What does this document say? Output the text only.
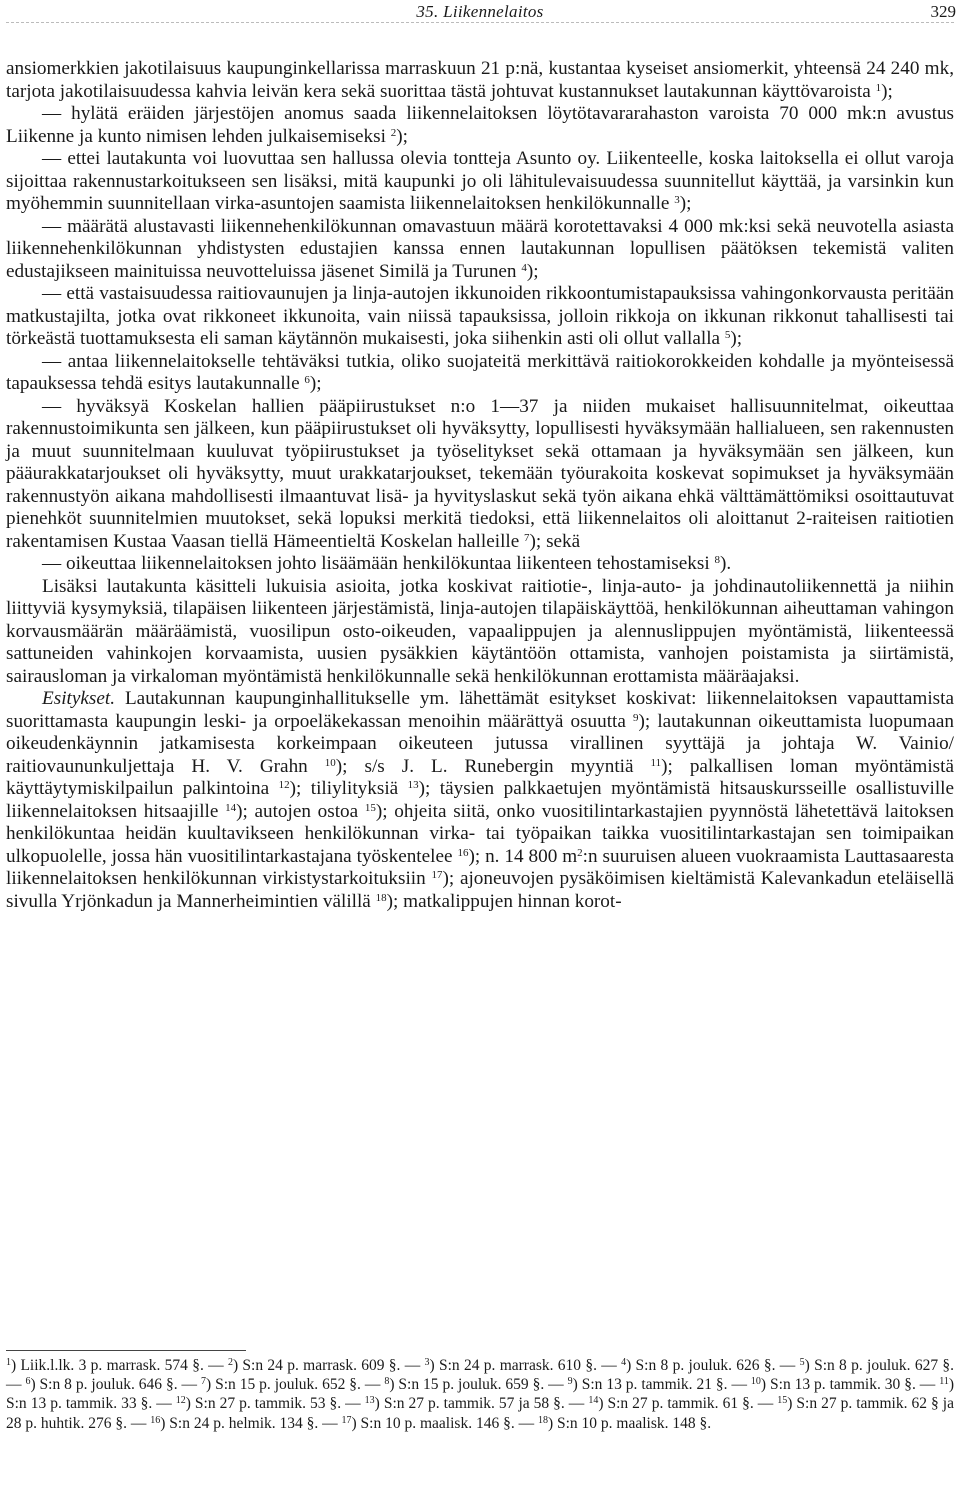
35. Liikennelaitos	329

ansiomerkkien jakotilaisuus kaupunginkellarissa marraskuun 21 p:nä, kustantaa kyseiset ansiomerkit, yhteensä 24 240 mk, tarjota jakotilaisuudessa kahvia leivän kera sekä suorittaa tästä johtuvat kustannukset lautakunnan käyttövaroista $^1$);

— hylätä eräiden järjestöjen anomus saada liikennelaitoksen löytötavararahaston varoista 70 000 mk:n avustus Liikenne ja kunto nimisen lehden julkaisemiseksi $^2$);

— ettei lautakunta voi luovuttaa sen hallussa olevia tontteja Asunto oy. Liikenteelle, koska laitoksella ei ollut varoja sijoittaa rakennustarkoitukseen sen lisäksi, mitä kaupunki jo oli lähitulevaisuudessa suunnitellut käyttää, ja varsinkin kun myöhemmin suunnitellaan virka-asuntojen saamista liikennelaitoksen henkilökunnalle $^3$);

— määrätä alustavasti liikennehenkilökunnan omavastuun määrä korotettavaksi 4 000 mk:ksi sekä neuvotella asiasta liikennehenkilökunnan yhdistysten edustajien kanssa ennen lautakunnan lopullisen päätöksen tekemistä valiten edustajikseen mainituissa neuvotteluissa jäsenet Similä ja Turunen $^4$);

— että vastaisuudessa raitiovaunujen ja linja-autojen ikkunoiden rikkoontumistapauksissa vahingonkorvausta peritään matkustajilta, jotka ovat rikkoneet ikkunoita, vain niissä tapauksissa, jolloin rikkoja on ikkunan rikkonut tahallisesti tai törkeästä tuottamuksesta eli saman käytännön mukaisesti, joka siihenkin asti oli ollut vallalla $^5$);

— antaa liikennelaitokselle tehtäväksi tutkia, oliko suojateitä merkittävä raitiokorokkeiden kohdalle ja myönteisessä tapauksessa tehdä esitys lautakunnalle $^6$);

— hyväksyä Koskelan hallien pääpiirustukset n:o 1—37 ja niiden mukaiset hallisuunnitelmat, oikeuttaa rakennustoimikunta sen jälkeen, kun pääpiirustukset oli hyväksytty, lopullisesti hyväksymään hallialueen, sen rakennusten ja muut suunnitelmaan kuuluvat työpiirustukset ja työselitykset sekä ottamaan ja hyväksymään sen jälkeen, kun pääurakkatarjoukset oli hyväksytty, muut urakkatarjoukset, tekemään työurakoita koskevat sopimukset ja hyväksymään rakennustyön aikana mahdollisesti ilmaantuvat lisä- ja hyvityslaskut sekä työn aikana ehkä välttämättömiksi osoittautuvat pienehköt suunnitelmien muutokset, sekä lopuksi merkitä tiedoksi, että liikennelaitos oli aloittanut 2-raiteisen raitiotien rakentamisen Kustaa Vaasan tiellä Hämeentieltä Koskelan halleille $^7$); sekä

— oikeuttaa liikennelaitoksen johto lisäämään henkilökuntaa liikenteen tehostamiseksi $^8$).

Lisäksi lautakunta käsitteli lukuisia asioita, jotka koskivat raitiotie-, linja-auto- ja johdinautoliikennettä ja niihin liittyviä kysymyksiä, tilapäisen liikenteen järjestämistä, linja-autojen tilapäiskäyttöä, henkilökunnan aiheuttaman vahingon korvausmäärän määräämistä, vuosilipun osto-oikeuden, vapaalippujen ja alennuslippujen myöntämistä, liikenteessä sattuneiden vahinkojen korvaamista, uusien pysäkkien käytäntöön ottamista, vanhojen poistamista ja siirtämistä, sairausloman ja virkaloman myöntämistä henkilökunnalle sekä henkilökunnan erottamista määräajaksi.

Esitykset. Lautakunnan kaupunginhallitukselle ym. lähettämät esitykset koskivat: liikennelaitoksen vapauttamista suorittamasta kaupungin leski- ja orpoeläkekassan menoihin määrättyä osuutta $^9$); lautakunnan oikeuttamista luopumaan oikeudenkäynnin jatkamisesta korkeimpaan oikeuteen jutussa virallinen syyttäjä ja johtaja W. Vainio/ raitiovaununkuljettaja H. V. Grahn $^{10}$); s/s J. L. Runebergin myyntiä $^{11}$); palkallisen loman myöntämistä käyttäytymiskilpailun palkintoina $^{12}$); tiliylityksiä $^{13}$); täysien palkkaetujen myöntämistä hitsauskursseille osallistuville liikennelaitoksen hitsaajille $^{14}$); autojen ostoa $^{15}$); ohjeita siitä, onko vuositilintarkastajien pyynnöstä lähetettävä laitoksen henkilökuntaa heidän kuultavikseen henkilökunnan virka- tai työpaikan taikka vuositilintarkastajan sen toimipaikan ulkopuolelle, jossa hän vuositilintarkastajana työskentelee $^{16}$); n. 14 800 $m^2:n$ suuruisen alueen vuokraamista Lauttasaaresta liikennelaitoksen henkilökunnan virkistystarkoituksiin $^{17}$); ajoneuvojen pysäköimisen kieltämistä Kalevankadun eteläisellä sivulla Yrjönkadun ja Mannerheimintien välillä $^{18}$); matkalippujen hinnan korot-

$^1$) Liik.l.lk. 3 p. marrask. 574 §. — $^2$) S:n 24 p. marrask. 609 §. — $^3$) S:n 24 p. marrask. 610 §. — $^4$) S:n 8 p. jouluk. 626 §. — $^5$) S:n 8 p. jouluk. 627 §. — $^6$) S:n 8 p. jouluk. 646 §. — $^7$) S:n 15 p. jouluk. 652 §. — $^8$) S:n 15 p. jouluk. 659 §. — $^9$) S:n 13 p. tammik. 21 §. — $^{10}$) S:n 13 p. tammik. 30 §. — $^{11}$) S:n 13 p. tammik. 33 §. — $^{12}$) S:n 27 p. tammik. 53 §. — $^{13}$) S:n 27 p. tammik. 57 ja 58 §. — $^{14}$) S:n 27 p. tammik. 61 §. — $^{15}$) S:n 27 p. tammik. 62 § ja 28 p. huhtik. 276 §. — $^{16}$) S:n 24 p. helmik. 134 §. — $^{17}$) S:n 10 p. maalisk. 146 §. — $^{18}$) S:n 10 p. maalisk. 148 §.
